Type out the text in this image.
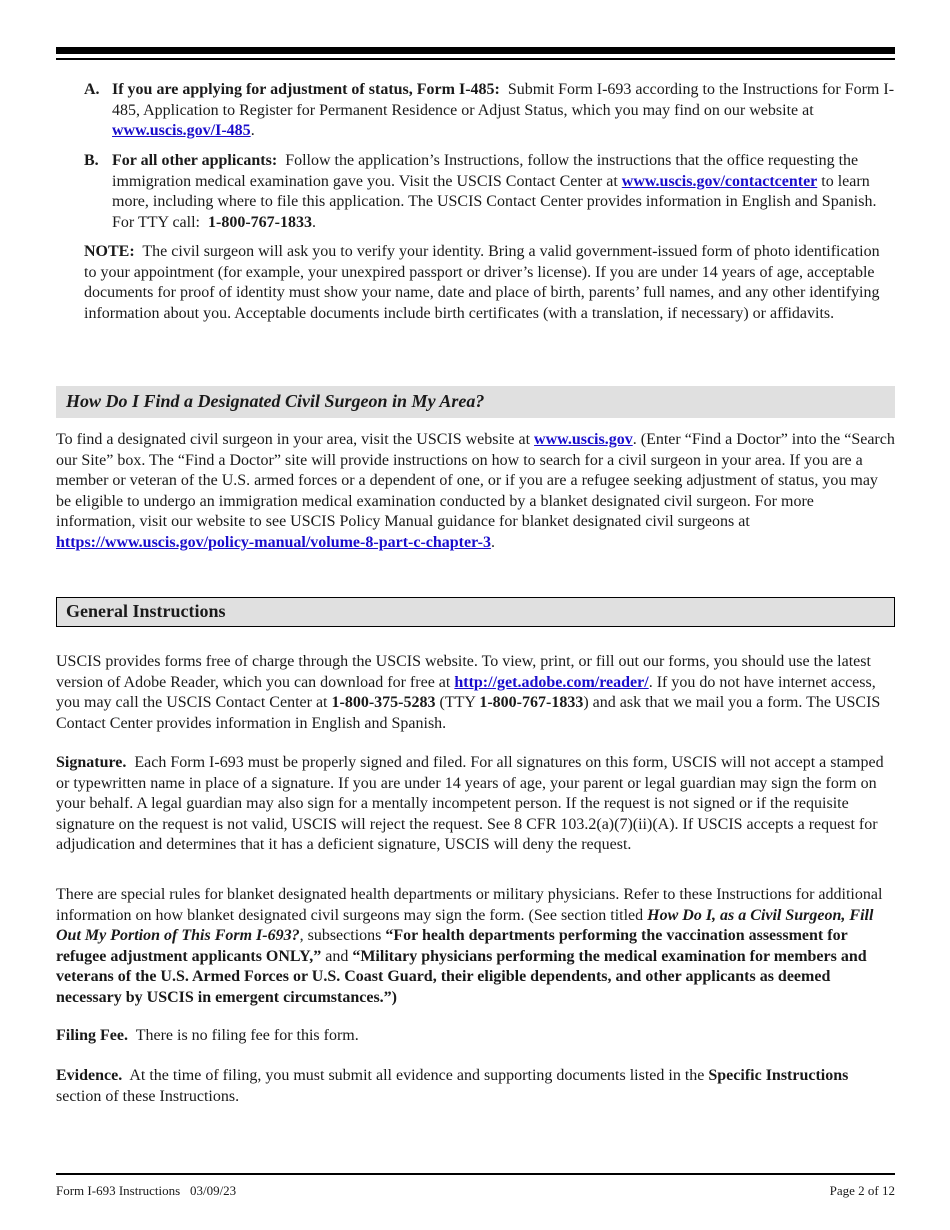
A. If you are applying for adjustment of status, Form I-485: Submit Form I-693 according to the Instructions for Form I-485, Application to Register for Permanent Residence or Adjust Status, which you may find on our website at www.uscis.gov/I-485.

B. For all other applicants: Follow the application’s Instructions, follow the instructions that the office requesting the immigration medical examination gave you. Visit the USCIS Contact Center at www.uscis.gov/contactcenter to learn more, including where to file this application. The USCIS Contact Center provides information in English and Spanish. For TTY call: 1-800-767-1833.

NOTE: The civil surgeon will ask you to verify your identity. Bring a valid government-issued form of photo identification to your appointment (for example, your unexpired passport or driver’s license). If you are under 14 years of age, acceptable documents for proof of identity must show your name, date and place of birth, parents’ full names, and any other identifying information about you. Acceptable documents include birth certificates (with a translation, if necessary) or affidavits.

How Do I Find a Designated Civil Surgeon in My Area?

To find a designated civil surgeon in your area, visit the USCIS website at www.uscis.gov. (Enter “Find a Doctor” into the “Search our Site” box. The “Find a Doctor” site will provide instructions on how to search for a civil surgeon in your area. If you are a member or veteran of the U.S. armed forces or a dependent of one, or if you are a refugee seeking adjustment of status, you may be eligible to undergo an immigration medical examination conducted by a blanket designated civil surgeon. For more information, visit our website to see USCIS Policy Manual guidance for blanket designated civil surgeons at https://www.uscis.gov/policy-manual/volume-8-part-c-chapter-3.

General Instructions

USCIS provides forms free of charge through the USCIS website. To view, print, or fill out our forms, you should use the latest version of Adobe Reader, which you can download for free at http://get.adobe.com/reader/. If you do not have internet access, you may call the USCIS Contact Center at 1-800-375-5283 (TTY 1-800-767-1833) and ask that we mail you a form. The USCIS Contact Center provides information in English and Spanish.

Signature. Each Form I-693 must be properly signed and filed. For all signatures on this form, USCIS will not accept a stamped or typewritten name in place of a signature. If you are under 14 years of age, your parent or legal guardian may sign the form on your behalf. A legal guardian may also sign for a mentally incompetent person. If the request is not signed or if the requisite signature on the request is not valid, USCIS will reject the request. See 8 CFR 103.2(a)(7)(ii)(A). If USCIS accepts a request for adjudication and determines that it has a deficient signature, USCIS will deny the request.

There are special rules for blanket designated health departments or military physicians. Refer to these Instructions for additional information on how blanket designated civil surgeons may sign the form. (See section titled How Do I, as a Civil Surgeon, Fill Out My Portion of This Form I-693?, subsections “For health departments performing the vaccination assessment for refugee adjustment applicants ONLY,” and “Military physicians performing the medical examination for members and veterans of the U.S. Armed Forces or U.S. Coast Guard, their eligible dependents, and other applicants as deemed necessary by USCIS in emergent circumstances.”)

Filing Fee. There is no filing fee for this form.

Evidence. At the time of filing, you must submit all evidence and supporting documents listed in the Specific Instructions section of these Instructions.

Form I-693 Instructions   03/09/23	Page 2 of 12
